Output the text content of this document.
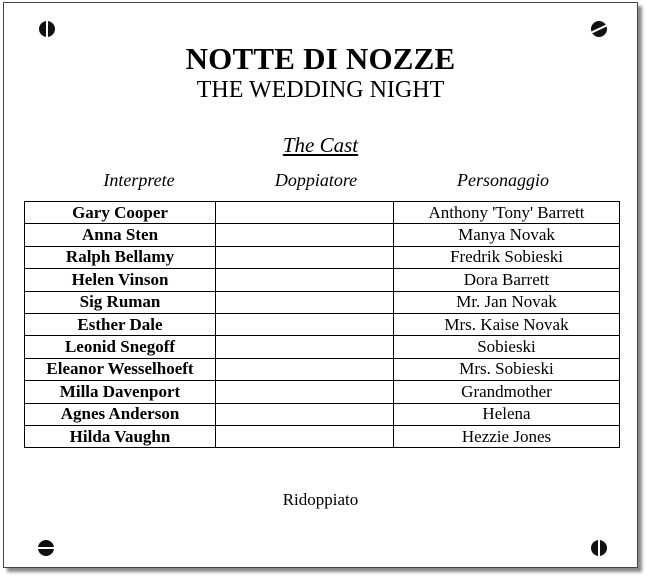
NOTTE DI NOZZE
THE WEDDING NIGHT
The Cast
Interprete	Doppiatore	Personaggio
Gary Cooper		Anthony 'Tony' Barrett
Anna Sten		Manya Novak
Ralph Bellamy		Fredrik Sobieski
Helen Vinson		Dora Barrett
Sig Ruman		Mr. Jan Novak
Esther Dale		Mrs. Kaise Novak
Leonid Snegoff		Sobieski
Eleanor Wesselhoeft		Mrs. Sobieski
Milla Davenport		Grandmother
Agnes Anderson		Helena
Hilda Vaughn		Hezzie Jones
Ridoppiato
